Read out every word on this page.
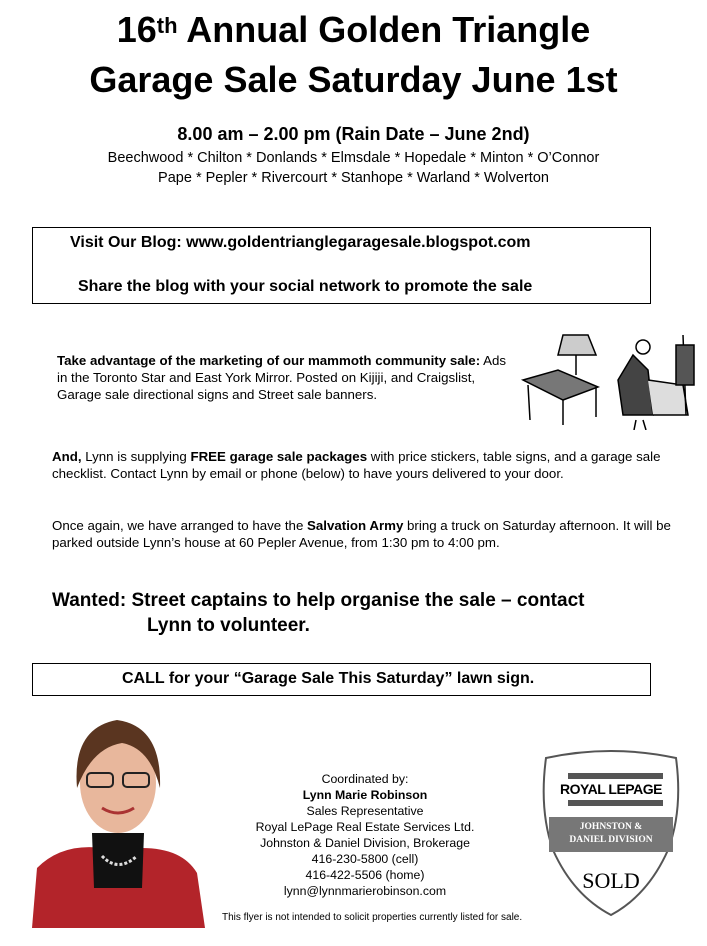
16th Annual Golden Triangle
Garage Sale Saturday June 1st
8.00 am – 2.00 pm (Rain Date – June 2nd)
Beechwood * Chilton * Donlands * Elmsdale * Hopedale * Minton * O’Connor
Pape * Pepler * Rivercourt * Stanhope * Warland * Wolverton
Visit Our Blog: www.goldentrianglegaragesale.blogspot.com
Share the blog with your social network to promote the sale

Take advantage of the marketing of our mammoth community sale: Ads in the Toronto Star and East York Mirror. Posted on Kijiji, and Craigslist, Garage sale directional signs and Street sale banners.

And, Lynn is supplying FREE garage sale packages with price stickers, table signs, and a garage sale checklist. Contact Lynn by email or phone (below) to have yours delivered to your door.

Once again, we have arranged to have the Salvation Army bring a truck on Saturday afternoon. It will be parked outside Lynn’s house at 60 Pepler Avenue, from 1:30 pm to 4:00 pm.

Wanted: Street captains to help organise the sale – contact
Lynn to volunteer.
CALL for your “Garage Sale This Saturday” lawn sign.
Coordinated by:
Lynn Marie Robinson
Sales Representative
Royal LePage Real Estate Services Ltd.
Johnston & Daniel Division, Brokerage
416-230-5800 (cell)
416-422-5506 (home)
lynn@lynnmarierobinson.com
This flyer is not intended to solicit properties currently listed for sale.
ROYAL LEPAGE
JOHNSTON & DANIEL DIVISION
SOLD
